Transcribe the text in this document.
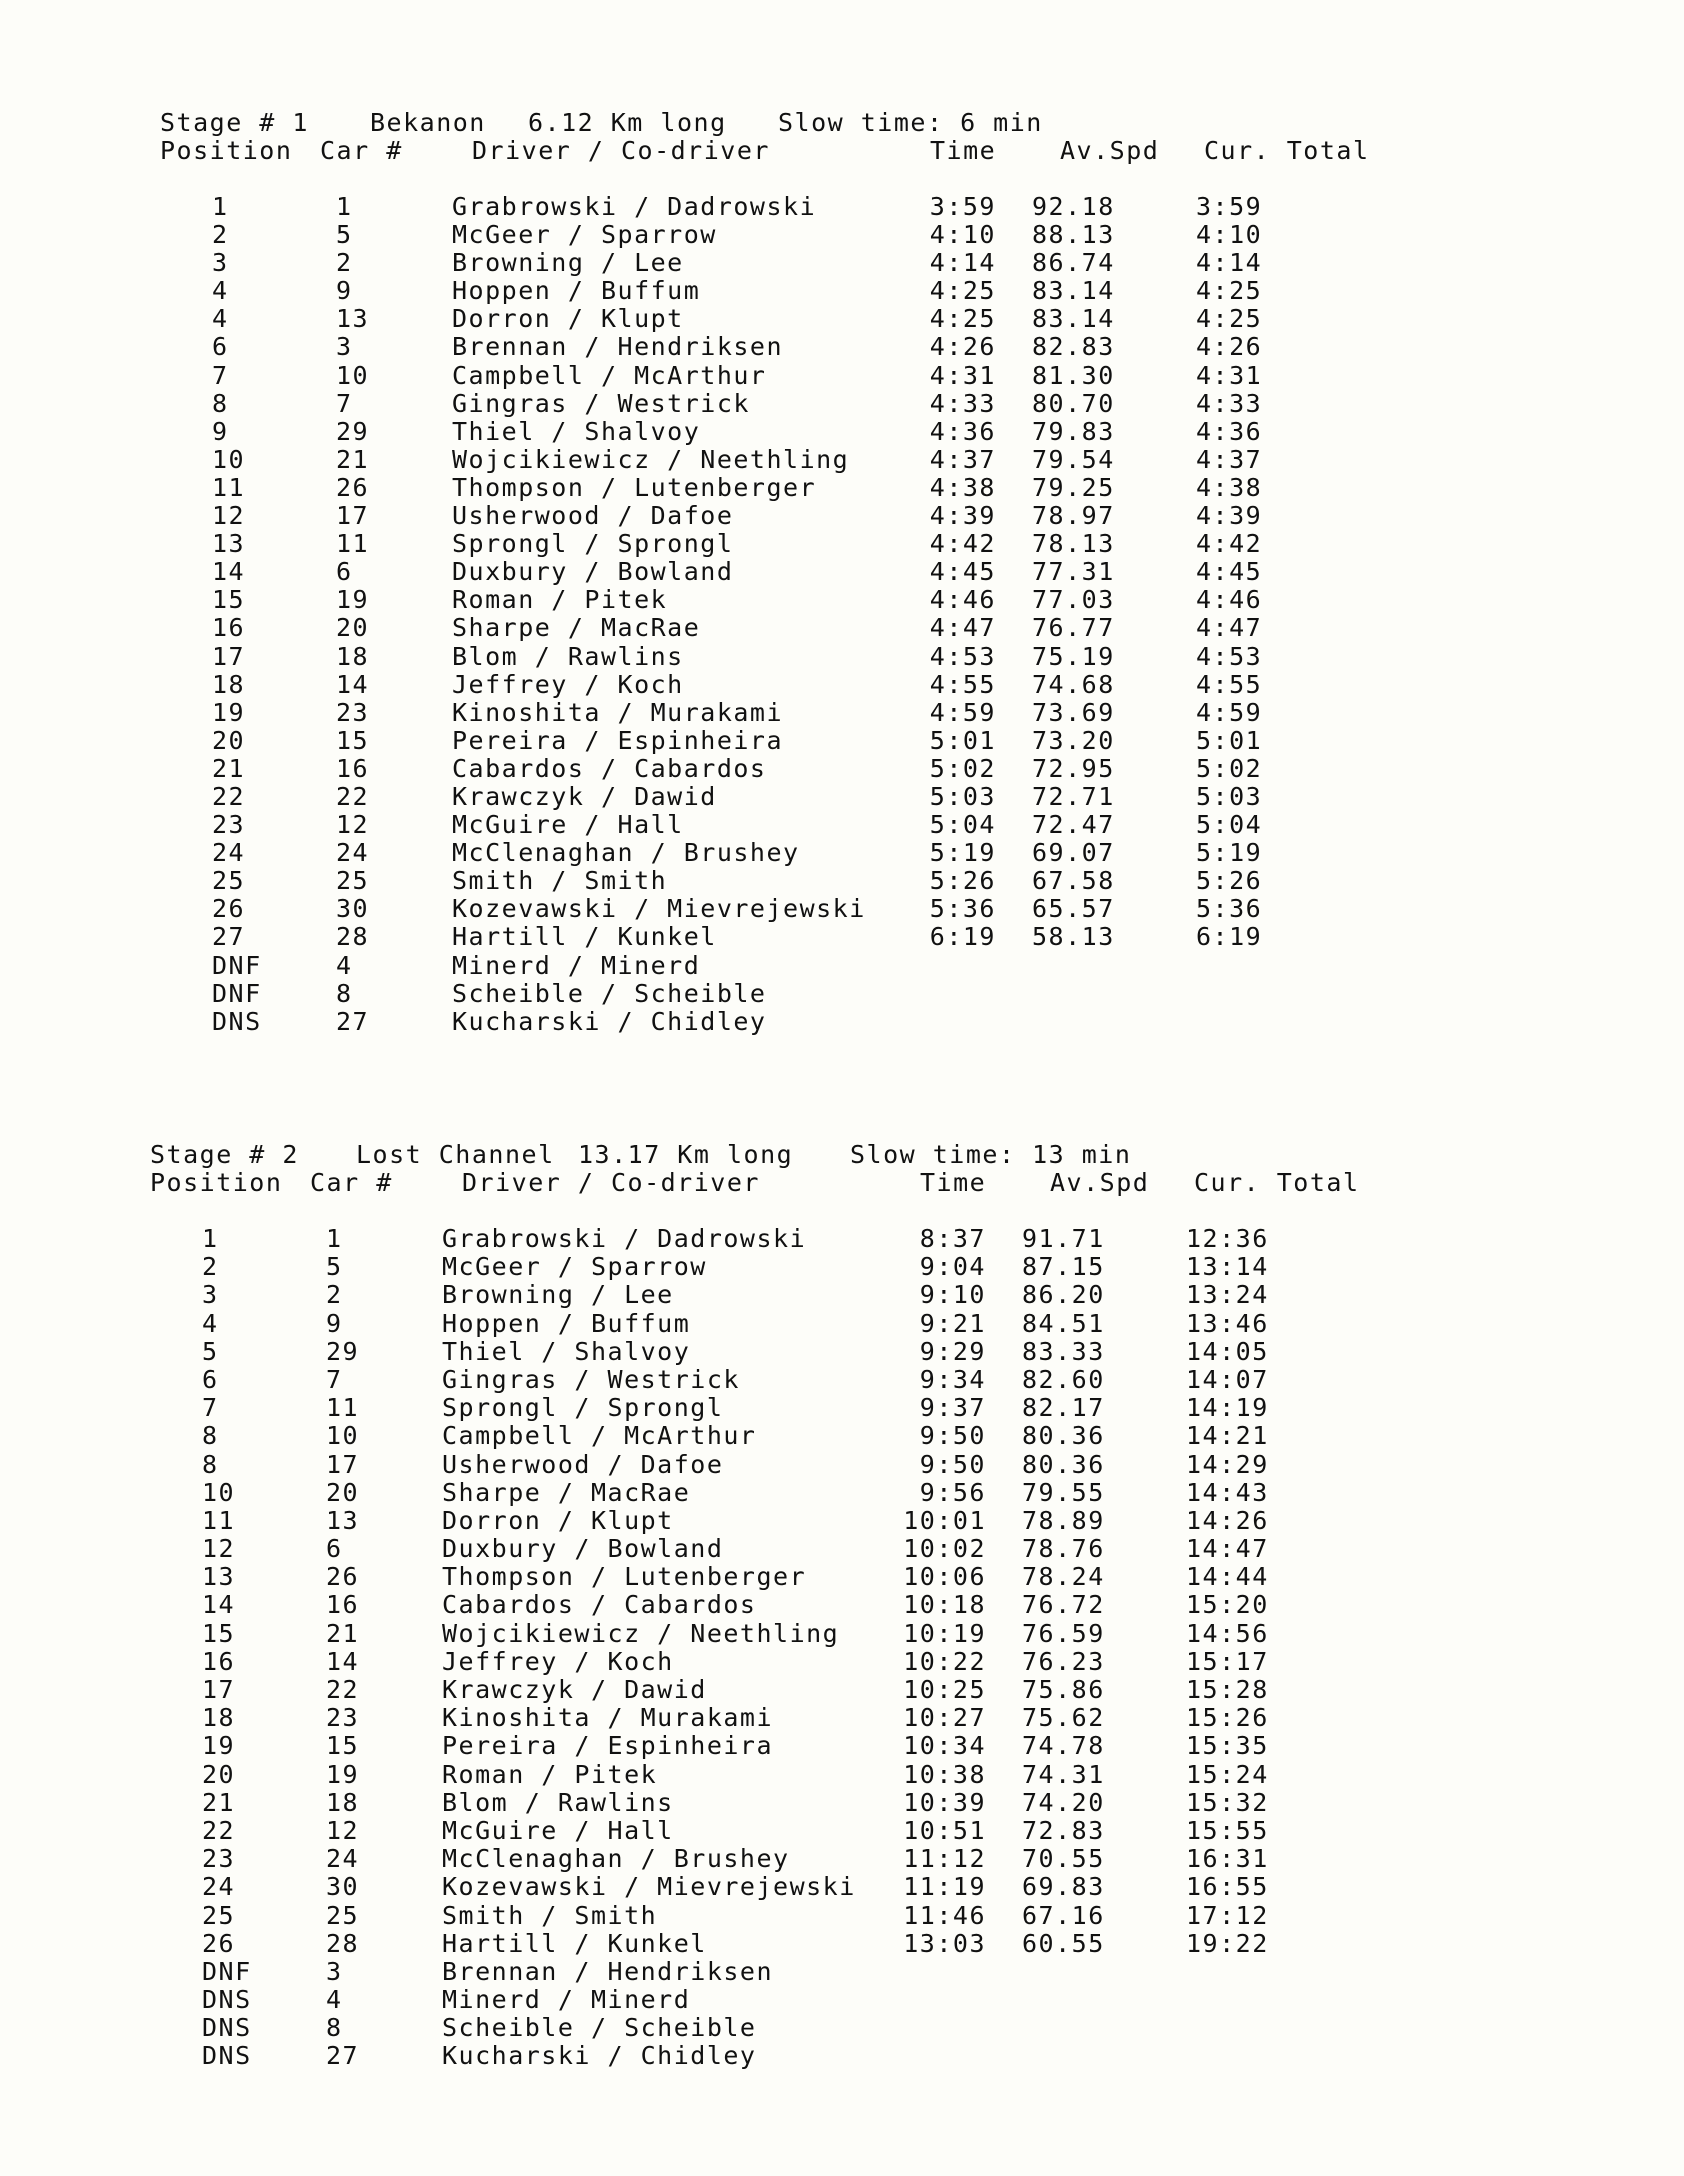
Stage # 1 Bekanon 6.12 Km long Slow time: 6 min
Position Car #	Driver / Co-driver	Time	Av.Spd Cur. Total
1	1	Grabrowski / Dadrowski	3:59 92.18	3:59
2	5	McGeer / Sparrow	4:10 88.13	4:10
3	2	Browning / Lee	4:14 86.74	4:14
4	9	Hoppen / Buffum	4:25 83.14	4:25
4	13	Dorron / Klupt	4:25 83.14	4:25
6	3	Brennan / Hendriksen	4:26 82.83	4:26
7	10	Campbell / McArthur	4:31 81.30	4:31
8	7	Gingras / Westrick	4:33 80.70	4:33
9	29	Thiel / Shalvoy	4:36 79.83	4:36
10	21	Wojcikiewicz / Neethling	4:37 79.54	4:37
11	26	Thompson / Lutenberger	4:38 79.25	4:38
12	17	Usherwood / Dafoe	4:39 78.97	4:39
13	11	Sprongl / Sprongl	4:42 78.13	4:42
14	6	Duxbury / Bowland	4:45 77.31	4:45
15	19	Roman / Pitek	4:46 77.03	4:46
16	20	Sharpe / MacRae	4:47 76.77	4:47
17	18	Blom / Rawlins	4:53 75.19	4:53
18	14	Jeffrey / Koch	4:55 74.68	4:55
19	23	Kinoshita / Murakami	4:59 73.69	4:59
20	15	Pereira / Espinheira	5:01 73.20	5:01
21	16	Cabardos / Cabardos	5:02 72.95	5:02
22	22	Krawczyk / Dawid	5:03 72.71	5:03
23	12	McGuire / Hall	5:04 72.47	5:04
24	24	McClenaghan / Brushey	5:19 69.07	5:19
25	25	Smith / Smith	5:26 67.58	5:26
26	30	Kozevawski / Mievrejewski	5:36 65.57	5:36
27	28	Hartill / Kunkel	6:19 58.13	6:19
DNF	4	Minerd / Minerd
DNF	8	Scheible / Scheible
DNS	27	Kucharski / Chidley
Stage # 2 Lost Channel 13.17 Km long Slow time: 13 min
Position Car #	Driver / Co-driver	Time	Av.Spd Cur. Total
1	1	Grabrowski / Dadrowski	8:37 91.71	12:36
2	5	McGeer / Sparrow	9:04 87.15	13:14
3	2	Browning / Lee	9:10 86.20	13:24
4	9	Hoppen / Buffum	9:21 84.51	13:46
5	29	Thiel / Shalvoy	9:29 83.33	14:05
6	7	Gingras / Westrick	9:34 82.60	14:07
7	11	Sprongl / Sprongl	9:37 82.17	14:19
8	10	Campbell / McArthur	9:50 80.36	14:21
8	17	Usherwood / Dafoe	9:50 80.36	14:29
10	20	Sharpe / MacRae	9:56 79.55	14:43
11	13	Dorron / Klupt	10:01 78.89	14:26
12	6	Duxbury / Bowland	10:02 78.76	14:47
13	26	Thompson / Lutenberger	10:06 78.24	14:44
14	16	Cabardos / Cabardos	10:18 76.72	15:20
15	21	Wojcikiewicz / Neethling	10:19 76.59	14:56
16	14	Jeffrey / Koch	10:22 76.23	15:17
17	22	Krawczyk / Dawid	10:25 75.86	15:28
18	23	Kinoshita / Murakami	10:27 75.62	15:26
19	15	Pereira / Espinheira	10:34 74.78	15:35
20	19	Roman / Pitek	10:38 74.31	15:24
21	18	Blom / Rawlins	10:39 74.20	15:32
22	12	McGuire / Hall	10:51 72.83	15:55
23	24	McClenaghan / Brushey	11:12 70.55	16:31
24	30	Kozevawski / Mievrejewski 11:19 69.83	16:55
25	25	Smith / Smith	11:46 67.16	17:12
26	28	Hartill / Kunkel	13:03 60.55	19:22
DNF	3	Brennan / Hendriksen
DNS	4	Minerd / Minerd
DNS	8	Scheible / Scheible
DNS	27	Kucharski / Chidley
